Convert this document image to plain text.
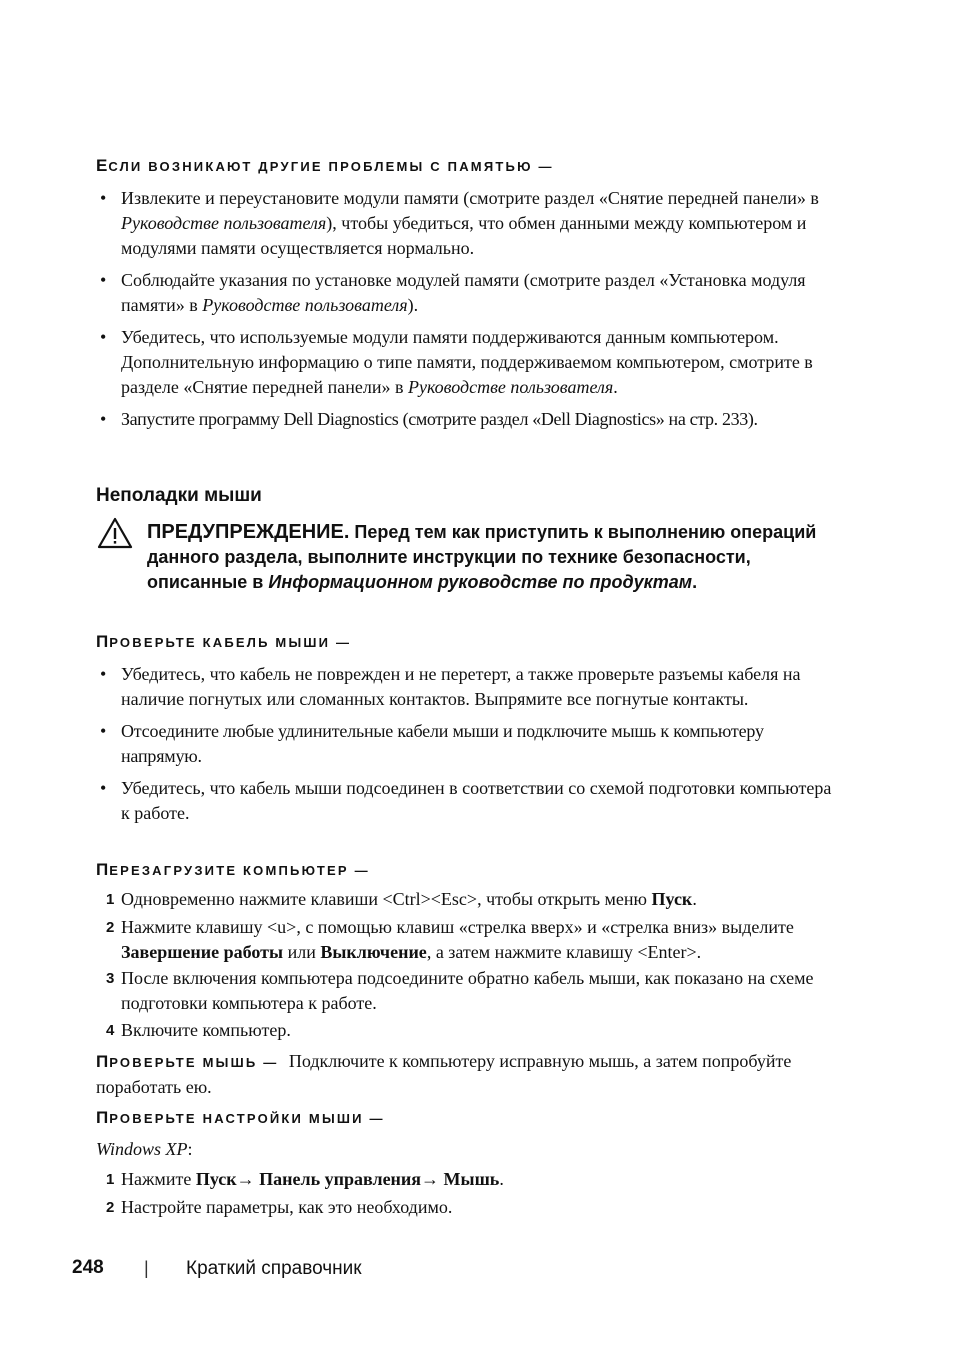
ЕСЛИ ВОЗНИКАЮТ ДРУГИЕ ПРОБЛЕМЫ С ПАМЯТЬЮ —
• Извлеките и переустановите модули памяти (смотрите раздел «Снятие передней панели» в Руководстве пользователя), чтобы убедиться, что обмен данными между компьютером и модулями памяти осуществляется нормально.
• Соблюдайте указания по установке модулей памяти (смотрите раздел «Установка модуля памяти» в Руководстве пользователя).
• Убедитесь, что используемые модули памяти поддерживаются данным компьютером. Дополнительную информацию о типе памяти, поддерживаемом компьютером, смотрите в разделе «Снятие передней панели» в Руководстве пользователя.
• Запустите программу Dell Diagnostics (смотрите раздел «Dell Diagnostics» на стр. 233).
Неполадки мыши
ПРЕДУПРЕЖДЕНИЕ. Перед тем как приступить к выполнению операций данного раздела, выполните инструкции по технике безопасности, описанные в Информационном руководстве по продуктам.
ПРОВЕРЬТЕ КАБЕЛЬ МЫШИ —
• Убедитесь, что кабель не поврежден и не перетерт, а также проверьте разъемы кабеля на наличие погнутых или сломанных контактов. Выпрямите все погнутые контакты.
• Отсоедините любые удлинительные кабели мыши и подключите мышь к компьютеру напрямую.
• Убедитесь, что кабель мыши подсоединен в соответствии со схемой подготовки компьютера к работе.
ПЕРЕЗАГРУЗИТЕ КОМПЬЮТЕР —
1 Одновременно нажмите клавиши <Ctrl><Esc>, чтобы открыть меню Пуск.
2 Нажмите клавишу <u>, с помощью клавиш «стрелка вверх» и «стрелка вниз» выделите Завершение работы или Выключение, а затем нажмите клавишу <Enter>.
3 После включения компьютера подсоедините обратно кабель мыши, как показано на схеме подготовки компьютера к работе.
4 Включите компьютер.
ПРОВЕРЬТЕ МЫШЬ — Подключите к компьютеру исправную мышь, а затем попробуйте поработать ею.
ПРОВЕРЬТЕ НАСТРОЙКИ МЫШИ —
Windows XP:
1 Нажмите Пуск→ Панель управления→ Мышь.
2 Настройте параметры, как это необходимо.
248 | Краткий справочник
